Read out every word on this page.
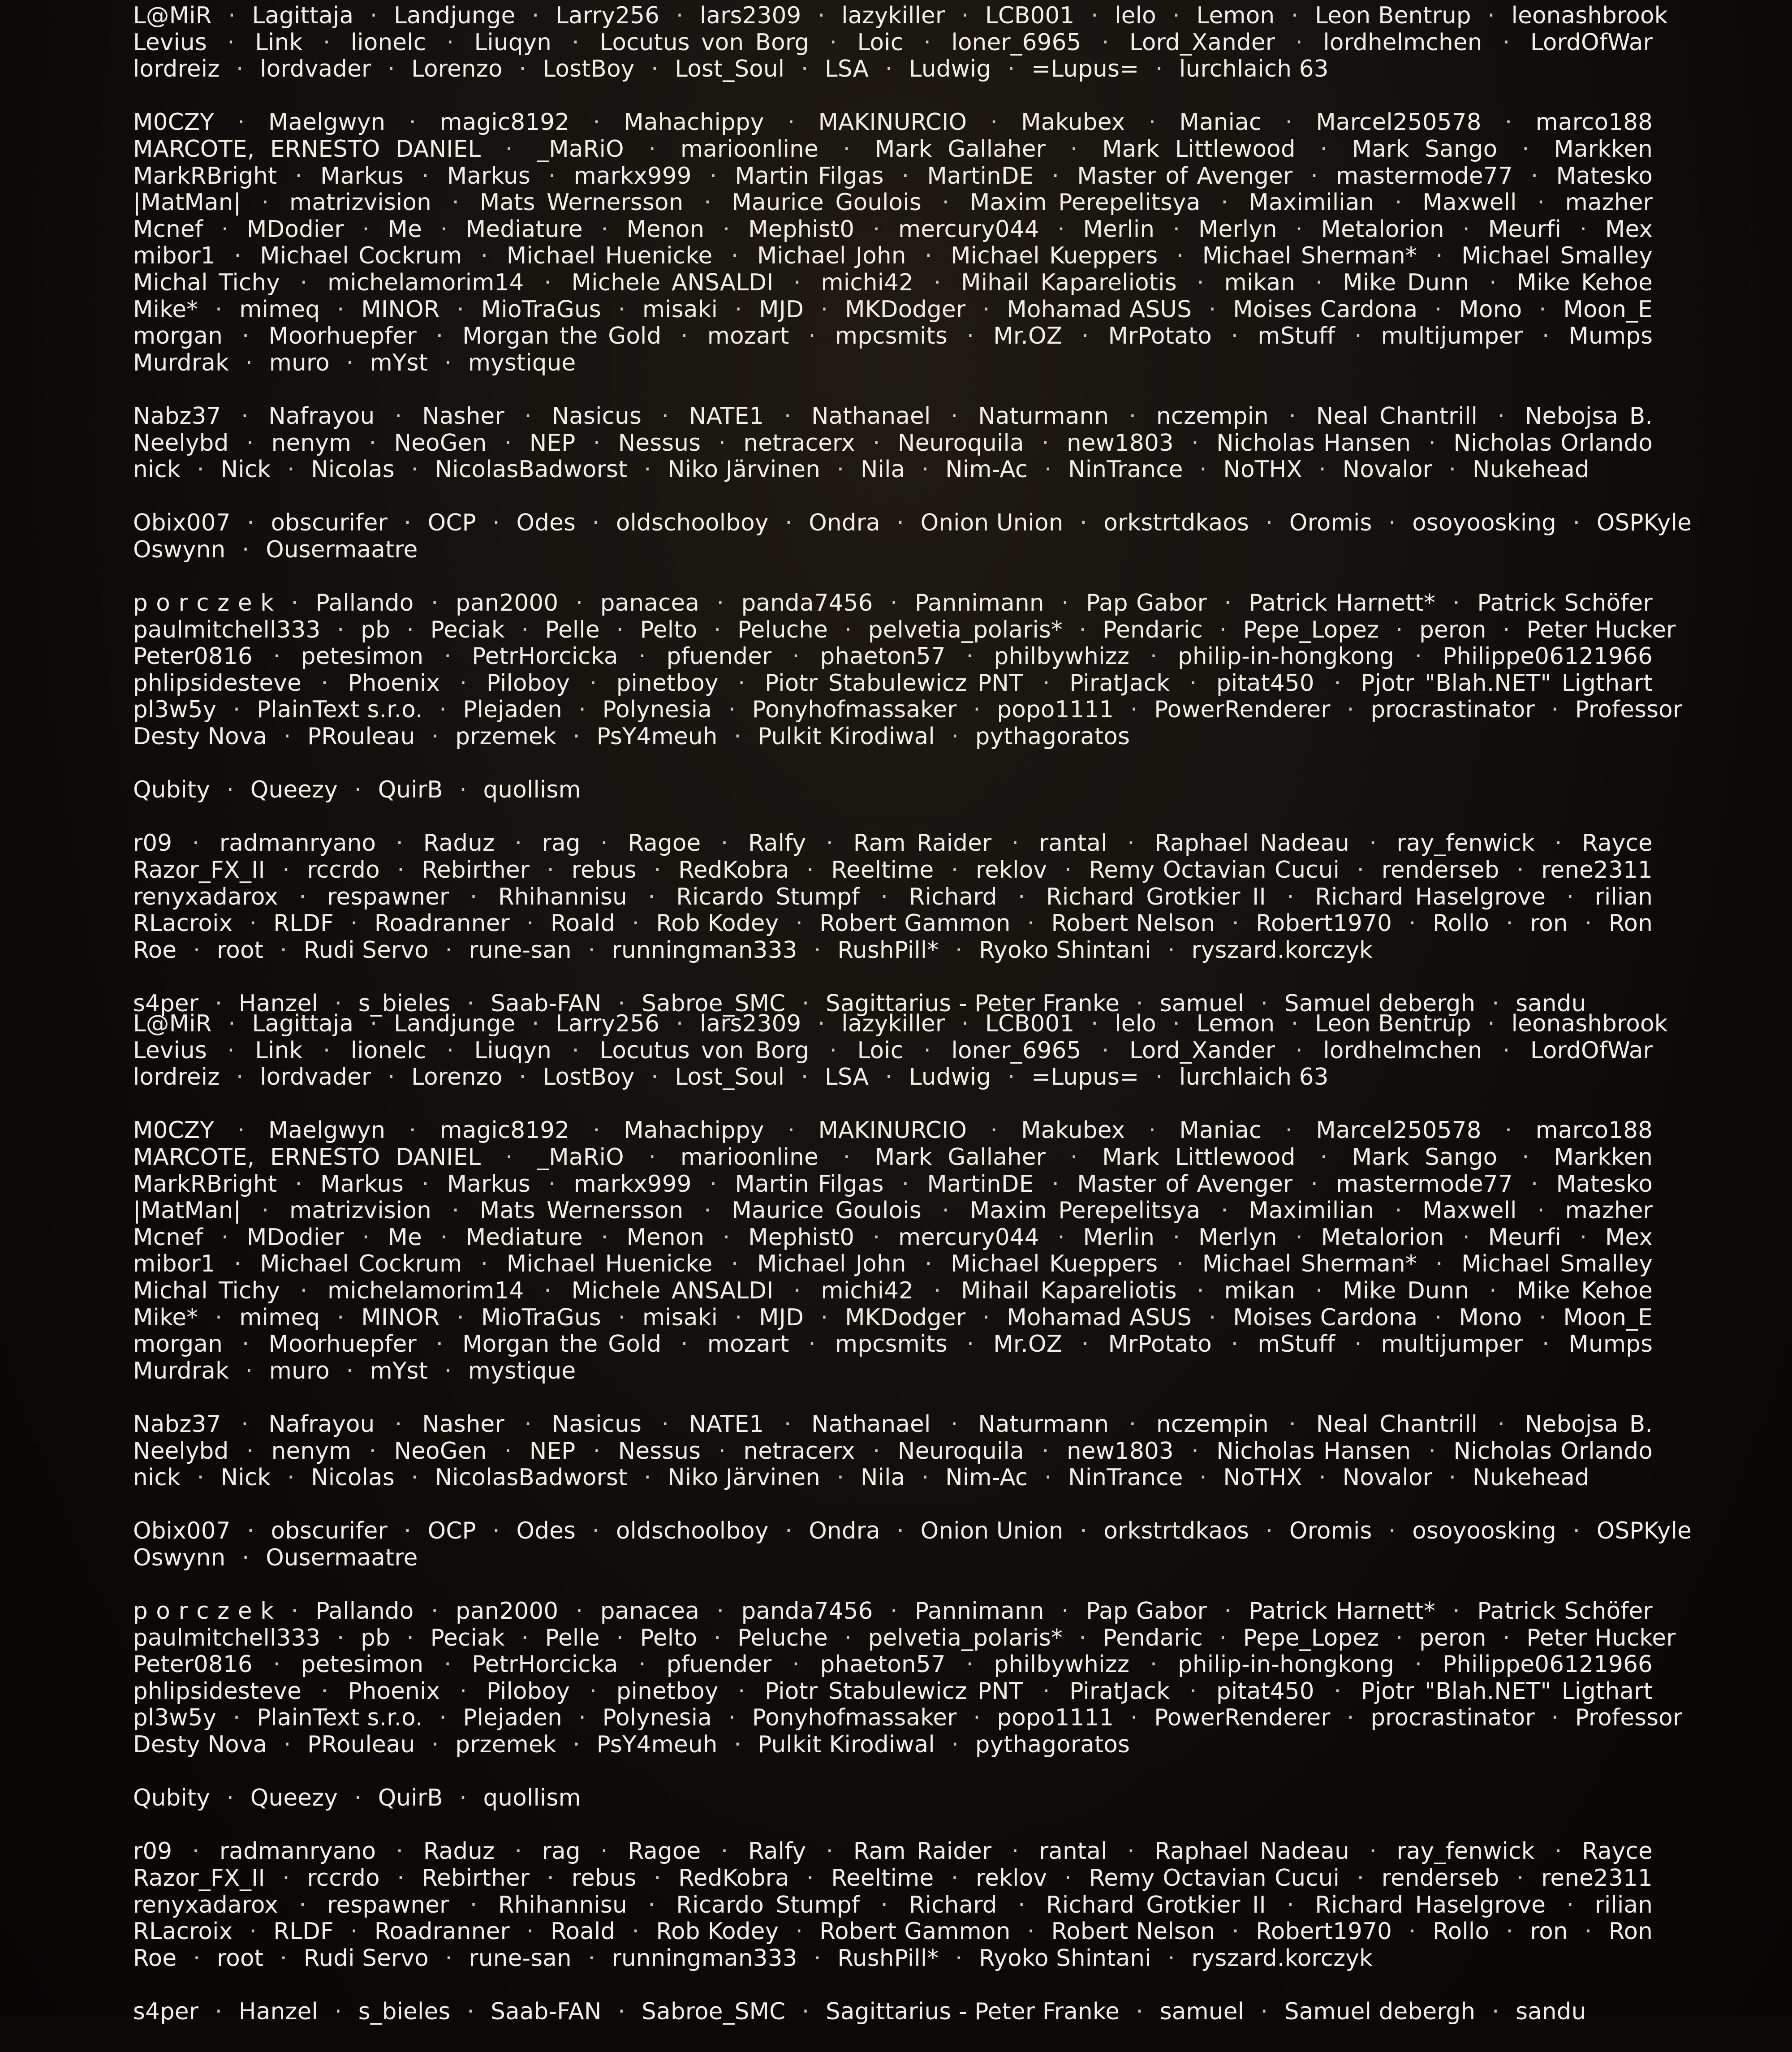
L@MiR · Lagittaja · Landjunge · Larry256 · lars2309 · lazykiller · LCB001 · lelo · Lemon · Leon Bentrup · leonashbrook
Levius · Link · lionelc · Liuqyn · Locutus von Borg · Loic · loner_6965 · Lord_Xander · lordhelmchen · LordOfWar
lordreiz · lordvader · Lorenzo · LostBoy · Lost_Soul · LSA · Ludwig · =Lupus= · lurchlaich 63
M0CZY · Maelgwyn · magic8192 · Mahachippy · MAKINURCIO · Makubex · Maniac · Marcel250578 · marco188
MARCOTE, ERNESTO DANIEL · _MaRiO · marioonline · Mark Gallaher · Mark Littlewood · Mark Sango · Markken
MarkRBright · Markus · Markus · markx999 · Martin Filgas · MartinDE · Master of Avenger · mastermode77 · Matesko
|MatMan| · matrizvision · Mats Wernersson · Maurice Goulois · Maxim Perepelitsya · Maximilian · Maxwell · mazher
Mcnef · MDodier · Me · Mediature · Menon · Mephist0 · mercury044 · Merlin · Merlyn · Metalorion · Meurfi · Mex
mibor1 · Michael Cockrum · Michael Huenicke · Michael John · Michael Kueppers · Michael Sherman* · Michael Smalley
Michal Tichy · michelamorim14 · Michele ANSALDI · michi42 · Mihail Kapareliotis · mikan · Mike Dunn · Mike Kehoe
Mike* · mimeq · MINOR · MioTraGus · misaki · MJD · MKDodger · Mohamad ASUS · Moises Cardona · Mono · Moon_E
morgan · Moorhuepfer · Morgan the Gold · mozart · mpcsmits · Mr.OZ · MrPotato · mStuff · multijumper · Mumps
Murdrak · muro · mYst · mystique
Nabz37 · Nafrayou · Nasher · Nasicus · NATE1 · Nathanael · Naturmann · nczempin · Neal Chantrill · Nebojsa B.
Neelybd · nenym · NeoGen · NEP · Nessus · netracerx · Neuroquila · new1803 · Nicholas Hansen · Nicholas Orlando
nick · Nick · Nicolas · NicolasBadworst · Niko Järvinen · Nila · Nim-Ac · NinTrance · NoTHX · Novalor · Nukehead
Obix007 · obscurifer · OCP · Odes · oldschoolboy · Ondra · Onion Union · orkstrtdkaos · Oromis · osoyoosking · OSPKyle
Oswynn · Ousermaatre
p o r c z e k · Pallando · pan2000 · panacea · panda7456 · Pannimann · Pap Gabor · Patrick Harnett* · Patrick Schöfer
paulmitchell333 · pb · Peciak · Pelle · Pelto · Peluche · pelvetia_polaris* · Pendaric · Pepe_Lopez · peron · Peter Hucker
Peter0816 · petesimon · PetrHorcicka · pfuender · phaeton57 · philbywhizz · philip-in-hongkong · Philippe06121966
phlipsidesteve · Phoenix · Piloboy · pinetboy · Piotr Stabulewicz PNT · PiratJack · pitat450 · Pjotr "Blah.NET" Ligthart
pl3w5y · PlainText s.r.o. · Plejaden · Polynesia · Ponyhofmassaker · popo1111 · PowerRenderer · procrastinator · Professor
Desty Nova · PRouleau · przemek · PsY4meuh · Pulkit Kirodiwal · pythagoratos
Qubity · Queezy · QuirB · quollism
r09 · radmanryano · Raduz · rag · Ragoe · Ralfy · Ram Raider · rantal · Raphael Nadeau · ray_fenwick · Rayce
Razor_FX_II · rccrdo · Rebirther · rebus · RedKobra · Reeltime · reklov · Remy Octavian Cucui · renderseb · rene2311
renyxadarox · respawner · Rhihannisu · Ricardo Stumpf · Richard · Richard Grotkier II · Richard Haselgrove · rilian
RLacroix · RLDF · Roadranner · Roald · Rob Kodey · Robert Gammon · Robert Nelson · Robert1970 · Rollo · ron · Ron
Roe · root · Rudi Servo · rune-san · runningman333 · RushPill* · Ryoko Shintani · ryszard.korczyk
s4per · Hanzel · s_bieles · Saab-FAN · Sabroe_SMC · Sagittarius - Peter Franke · samuel · Samuel debergh · sandu
L@MiR · Lagittaja · Landjunge · Larry256 · lars2309 · lazykiller · LCB001 · lelo · Lemon · Leon Bentrup · leonashbrook
Levius · Link · lionelc · Liuqyn · Locutus von Borg · Loic · loner_6965 · Lord_Xander · lordhelmchen · LordOfWar
lordreiz · lordvader · Lorenzo · LostBoy · Lost_Soul · LSA · Ludwig · =Lupus= · lurchlaich 63
M0CZY · Maelgwyn · magic8192 · Mahachippy · MAKINURCIO · Makubex · Maniac · Marcel250578 · marco188
MARCOTE, ERNESTO DANIEL · _MaRiO · marioonline · Mark Gallaher · Mark Littlewood · Mark Sango · Markken
MarkRBright · Markus · Markus · markx999 · Martin Filgas · MartinDE · Master of Avenger · mastermode77 · Matesko
|MatMan| · matrizvision · Mats Wernersson · Maurice Goulois · Maxim Perepelitsya · Maximilian · Maxwell · mazher
Mcnef · MDodier · Me · Mediature · Menon · Mephist0 · mercury044 · Merlin · Merlyn · Metalorion · Meurfi · Mex
mibor1 · Michael Cockrum · Michael Huenicke · Michael John · Michael Kueppers · Michael Sherman* · Michael Smalley
Michal Tichy · michelamorim14 · Michele ANSALDI · michi42 · Mihail Kapareliotis · mikan · Mike Dunn · Mike Kehoe
Mike* · mimeq · MINOR · MioTraGus · misaki · MJD · MKDodger · Mohamad ASUS · Moises Cardona · Mono · Moon_E
morgan · Moorhuepfer · Morgan the Gold · mozart · mpcsmits · Mr.OZ · MrPotato · mStuff · multijumper · Mumps
Murdrak · muro · mYst · mystique
Nabz37 · Nafrayou · Nasher · Nasicus · NATE1 · Nathanael · Naturmann · nczempin · Neal Chantrill · Nebojsa B.
Neelybd · nenym · NeoGen · NEP · Nessus · netracerx · Neuroquila · new1803 · Nicholas Hansen · Nicholas Orlando
nick · Nick · Nicolas · NicolasBadworst · Niko Järvinen · Nila · Nim-Ac · NinTrance · NoTHX · Novalor · Nukehead
Obix007 · obscurifer · OCP · Odes · oldschoolboy · Ondra · Onion Union · orkstrtdkaos · Oromis · osoyoosking · OSPKyle
Oswynn · Ousermaatre
p o r c z e k · Pallando · pan2000 · panacea · panda7456 · Pannimann · Pap Gabor · Patrick Harnett* · Patrick Schöfer
paulmitchell333 · pb · Peciak · Pelle · Pelto · Peluche · pelvetia_polaris* · Pendaric · Pepe_Lopez · peron · Peter Hucker
Peter0816 · petesimon · PetrHorcicka · pfuender · phaeton57 · philbywhizz · philip-in-hongkong · Philippe06121966
phlipsidesteve · Phoenix · Piloboy · pinetboy · Piotr Stabulewicz PNT · PiratJack · pitat450 · Pjotr "Blah.NET" Ligthart
pl3w5y · PlainText s.r.o. · Plejaden · Polynesia · Ponyhofmassaker · popo1111 · PowerRenderer · procrastinator · Professor
Desty Nova · PRouleau · przemek · PsY4meuh · Pulkit Kirodiwal · pythagoratos
Qubity · Queezy · QuirB · quollism
r09 · radmanryano · Raduz · rag · Ragoe · Ralfy · Ram Raider · rantal · Raphael Nadeau · ray_fenwick · Rayce
Razor_FX_II · rccrdo · Rebirther · rebus · RedKobra · Reeltime · reklov · Remy Octavian Cucui · renderseb · rene2311
renyxadarox · respawner · Rhihannisu · Ricardo Stumpf · Richard · Richard Grotkier II · Richard Haselgrove · rilian
RLacroix · RLDF · Roadranner · Roald · Rob Kodey · Robert Gammon · Robert Nelson · Robert1970 · Rollo · ron · Ron
Roe · root · Rudi Servo · rune-san · runningman333 · RushPill* · Ryoko Shintani · ryszard.korczyk
s4per · Hanzel · s_bieles · Saab-FAN · Sabroe_SMC · Sagittarius - Peter Franke · samuel · Samuel debergh · sandu
